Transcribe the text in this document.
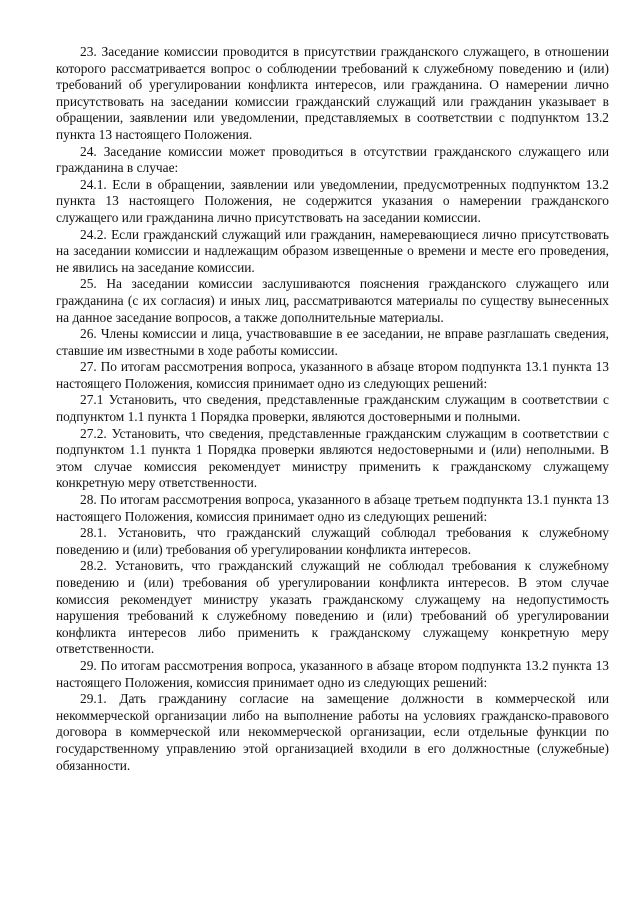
23. Заседание комиссии проводится в присутствии гражданского служащего, в отношении которого рассматривается вопрос о соблюдении требований к служебному поведению и (или) требований об урегулировании конфликта интересов, или гражданина. О намерении лично присутствовать на заседании комиссии гражданский служащий или гражданин указывает в обращении, заявлении или уведомлении, представляемых в соответствии с подпунктом 13.2 пункта 13 настоящего Положения.

24. Заседание комиссии может проводиться в отсутствии гражданского служащего или гражданина в случае:

24.1. Если в обращении, заявлении или уведомлении, предусмотренных подпунктом 13.2 пункта 13 настоящего Положения, не содержится указания о намерении гражданского служащего или гражданина лично присутствовать на заседании комиссии.

24.2. Если гражданский служащий или гражданин, намеревающиеся лично присутствовать на заседании комиссии и надлежащим образом извещенные о времени и месте его проведения, не явились на заседание комиссии.

25. На заседании комиссии заслушиваются пояснения гражданского служащего или гражданина (с их согласия) и иных лиц, рассматриваются материалы по существу вынесенных на данное заседание вопросов, а также дополнительные материалы.

26. Члены комиссии и лица, участвовавшие в ее заседании, не вправе разглашать сведения, ставшие им известными в ходе работы комиссии.

27. По итогам рассмотрения вопроса, указанного в абзаце втором подпункта 13.1 пункта 13 настоящего Положения, комиссия принимает одно из следующих решений:

27.1 Установить, что сведения, представленные гражданским служащим в соответствии с подпунктом 1.1 пункта 1 Порядка проверки, являются достоверными и полными.

27.2. Установить, что сведения, представленные гражданским служащим в соответствии с подпунктом 1.1 пункта 1 Порядка проверки являются недостоверными и (или) неполными. В этом случае комиссия рекомендует министру применить к гражданскому служащему конкретную меру ответственности.

28. По итогам рассмотрения вопроса, указанного в абзаце третьем подпункта 13.1 пункта 13 настоящего Положения, комиссия принимает одно из следующих решений:

28.1. Установить, что гражданский служащий соблюдал требования к служебному поведению и (или) требования об урегулировании конфликта интересов.

28.2. Установить, что гражданский служащий не соблюдал требования к служебному поведению и (или) требования об урегулировании конфликта интересов. В этом случае комиссия рекомендует министру указать гражданскому служащему на недопустимость нарушения требований к служебному поведению и (или) требований об урегулировании конфликта интересов либо применить к гражданскому служащему конкретную меру ответственности.

29. По итогам рассмотрения вопроса, указанного в абзаце втором подпункта 13.2 пункта 13 настоящего Положения, комиссия принимает одно из следующих решений:

29.1. Дать гражданину согласие на замещение должности в коммерческой или некоммерческой организации либо на выполнение работы на условиях гражданско-правового договора в коммерческой или некоммерческой организации, если отдельные функции по государственному управлению этой организацией входили в его должностные (служебные) обязанности.
